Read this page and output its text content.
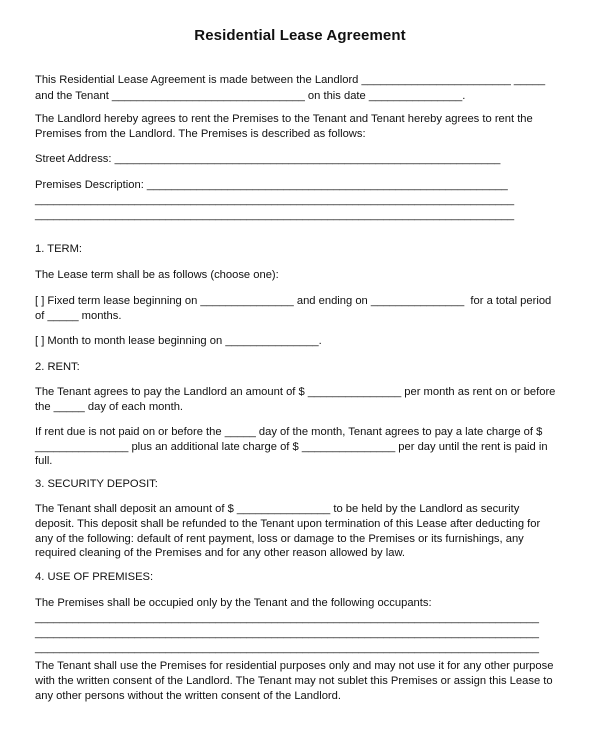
Residential Lease Agreement
This Residential Lease Agreement is made between the Landlord ________________________ _____
and the Tenant _______________________________ on this date _______________.
The Landlord hereby agrees to rent the Premises to the Tenant and Tenant hereby agrees to rent the
Premises from the Landlord. The Premises is described as follows:
Street Address: ______________________________________________________________
Premises Description: __________________________________________________________
_____________________________________________________________________________
_____________________________________________________________________________
1. TERM:
The Lease term shall be as follows (choose one):
[ ] Fixed term lease beginning on _______________ and ending on _______________  for a total period
of _____ months.
[ ] Month to month lease beginning on _______________.
2. RENT:
The Tenant agrees to pay the Landlord an amount of $ _______________ per month as rent on or before
the _____ day of each month.
If rent due is not paid on or before the _____ day of the month, Tenant agrees to pay a late charge of $
_______________ plus an additional late charge of $ _______________ per day until the rent is paid in
full.
3. SECURITY DEPOSIT:
The Tenant shall deposit an amount of $ _______________ to be held by the Landlord as security
deposit. This deposit shall be refunded to the Tenant upon termination of this Lease after deducting for
any of the following: default of rent payment, loss or damage to the Premises or its furnishings, any
required cleaning of the Premises and for any other reason allowed by law.
4. USE OF PREMISES:
The Premises shall be occupied only by the Tenant and the following occupants:
_________________________________________________________________________________
_________________________________________________________________________________
_________________________________________________________________________________
The Tenant shall use the Premises for residential purposes only and may not use it for any other purpose
with the written consent of the Landlord. The Tenant may not sublet this Premises or assign this Lease to
any other persons without the written consent of the Landlord.
